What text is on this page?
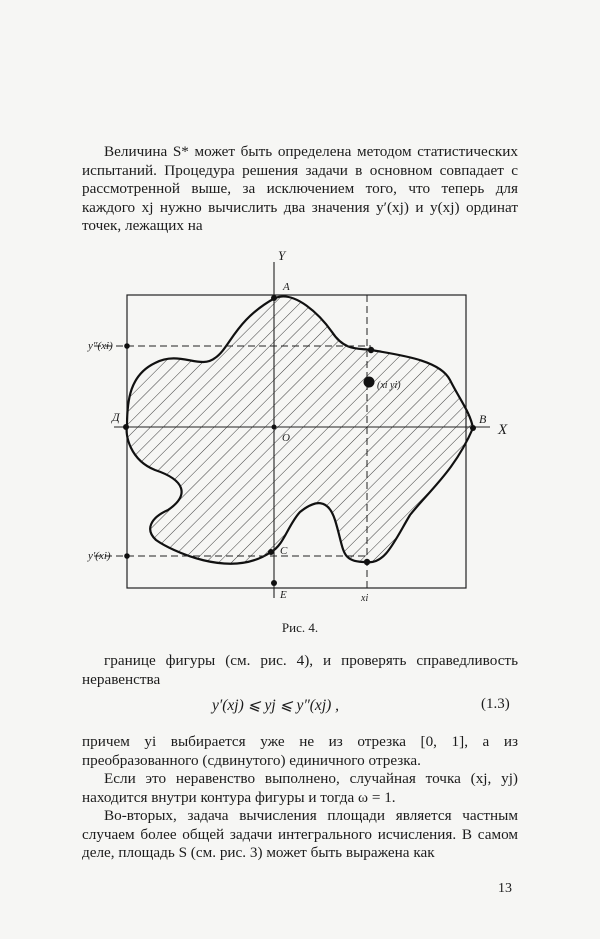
Величина S* может быть определена методом статистических испытаний. Процедура решения задачи в основном совпадает с рассмотренной выше, за исключением того, что теперь для каждого xj нужно вычислить два значения y′(xj) и y(xj) ординат точек, лежащих на

Y
X
O
A
B
Д
C
E
y″(xi)
y′(xi)
xi
(xi yi)
Рис. 4.

границе фигуры (см. рис. 4), и проверять справедливость неравенства

y′(xj) ⩽ yj ⩽ y″(xj) ,	(1.3)

причем yi выбирается уже не из отрезка [0, 1], а из преобразованного (сдвинутого) единичного отрезка.

Если это неравенство выполнено, случайная точка (xj, yj) находится внутри контура фигуры и тогда ω = 1.

Во-вторых, задача вычисления площади является частным случаем более общей задачи интегрального исчисления. В самом деле, площадь S (см. рис. 3) может быть выражена как

13
